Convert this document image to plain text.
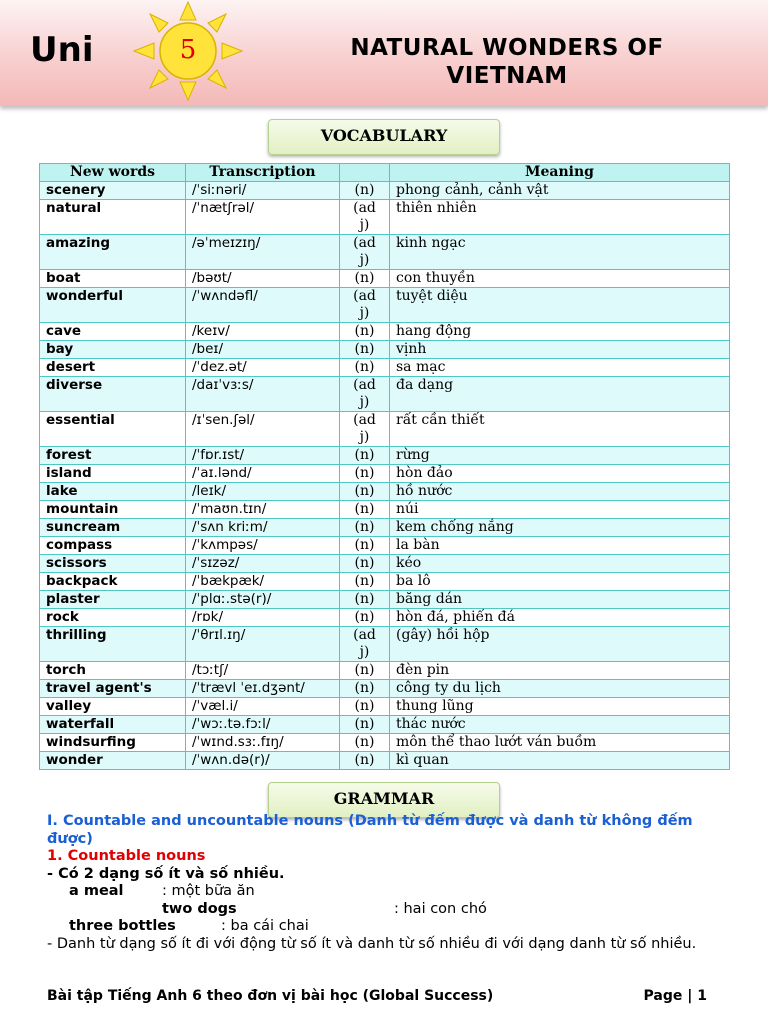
Uni	5	NATURAL WONDERS OF VIETNAM
VOCABULARY
New words	Transcription		Meaning
scenery	/ˈsiːnəri/	(n)	phong cảnh, cảnh vật
natural	/ˈnætʃrəl/	(adj)	thiên nhiên
amazing	/əˈmeɪzɪŋ/	(adj)	kinh ngạc
boat	/bəʊt/	(n)	con thuyền
wonderful	/ˈwʌndəfl/	(adj)	tuyệt diệu
cave	/keɪv/	(n)	hang động
bay	/beɪ/	(n)	vịnh
desert	/ˈdez.ət/	(n)	sa mạc
diverse	/daɪˈvɜːs/	(adj)	đa dạng
essential	/ɪˈsen.ʃəl/	(adj)	rất cần thiết
forest	/ˈfɒr.ɪst/	(n)	rừng
island	/ˈaɪ.lənd/	(n)	hòn đảo
lake	/leɪk/	(n)	hồ nước
mountain	/ˈmaʊn.tɪn/	(n)	núi
suncream	/ˈsʌn kriːm/	(n)	kem chống nắng
compass	/ˈkʌmpəs/	(n)	la bàn
scissors	/ˈsɪzəz/	(n)	kéo
backpack	/ˈbækpæk/	(n)	ba lô
plaster	/ˈplɑː.stə(r)/	(n)	băng dán
rock	/rɒk/	(n)	hòn đá, phiến đá
thrilling	/ˈθrɪl.ɪŋ/	(adj)	(gây) hồi hộp
torch	/tɔːtʃ/	(n)	đèn pin
travel agent's	/ˈtrævl ˈeɪ.dʒənt/	(n)	công ty du lịch
valley	/ˈvæl.i/	(n)	thung lũng
waterfall	/ˈwɔː.tə.fɔːl/	(n)	thác nước
windsurfing	/ˈwɪnd.sɜː.fɪŋ/	(n)	môn thể thao lướt ván buồm
wonder	/ˈwʌn.də(r)/	(n)	kì quan
GRAMMAR
I. Countable and uncountable nouns (Danh từ đếm được và danh từ không đếm được)
1. Countable nouns
- Có 2 dạng số ít và số nhiều.
a meal	: một bữa ăn
two dogs	: hai con chó
three bottles	: ba cái chai
- Danh từ dạng số ít đi với động từ số ít và danh từ số nhiều đi với dạng danh từ số nhiều.
Bài tập Tiếng Anh 6 theo đơn vị bài học (Global Success)	Page | 1
